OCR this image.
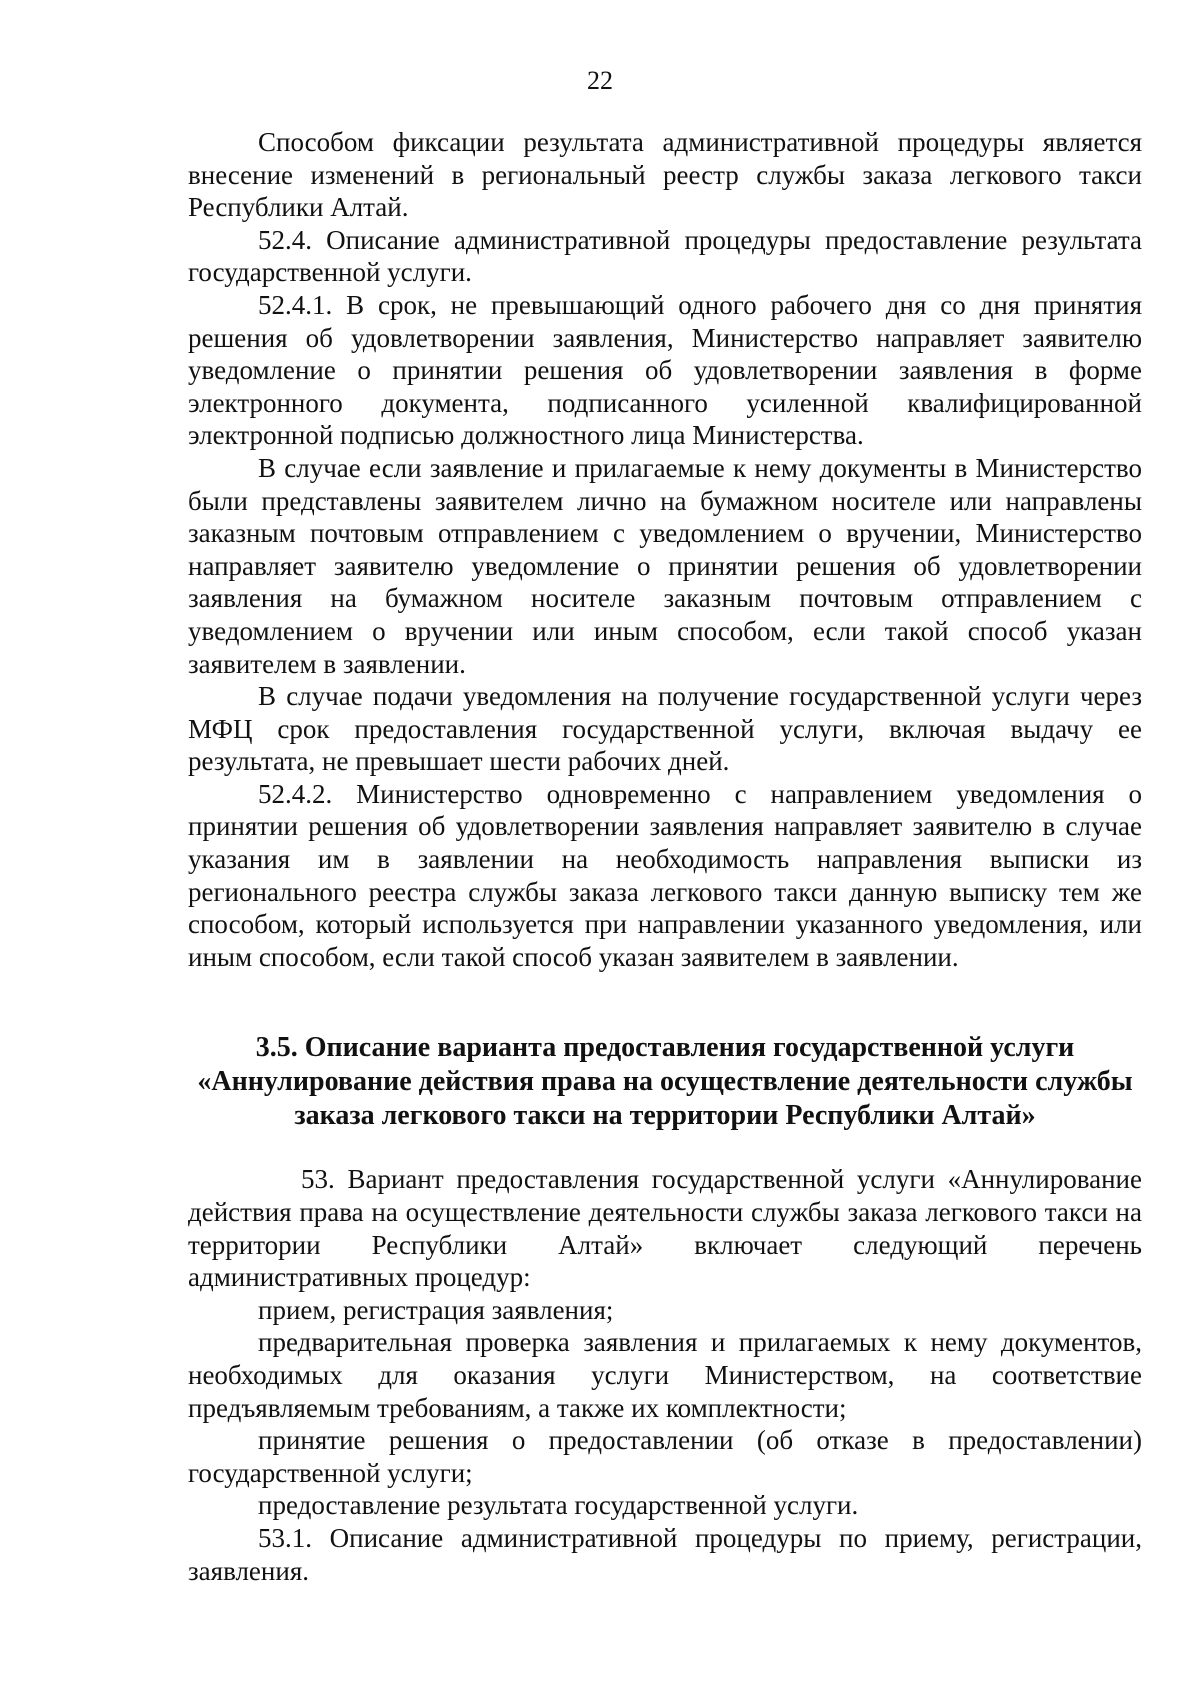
22

Способом фиксации результата административной процедуры является внесение изменений в региональный реестр службы заказа легкового такси Республики Алтай.

52.4. Описание административной процедуры предоставление результата государственной услуги.

52.4.1. В срок, не превышающий одного рабочего дня со дня принятия решения об удовлетворении заявления, Министерство направляет заявителю уведомление о принятии решения об удовлетворении заявления в форме электронного документа, подписанного усиленной квалифицированной электронной подписью должностного лица Министерства.

В случае если заявление и прилагаемые к нему документы в Министерство были представлены заявителем лично на бумажном носителе или направлены заказным почтовым отправлением с уведомлением о вручении, Министерство направляет заявителю уведомление о принятии решения об удовлетворении заявления на бумажном носителе заказным почтовым отправлением с уведомлением о вручении или иным способом, если такой способ указан заявителем в заявлении.

В случае подачи уведомления на получение государственной услуги через МФЦ срок предоставления государственной услуги, включая выдачу ее результата, не превышает шести рабочих дней.

52.4.2. Министерство одновременно с направлением уведомления о принятии решения об удовлетворении заявления направляет заявителю в случае указания им в заявлении на необходимость направления выписки из регионального реестра службы заказа легкового такси данную выписку тем же способом, который используется при направлении указанного уведомления, или иным способом, если такой способ указан заявителем в заявлении.

3.5. Описание варианта предоставления государственной услуги
«Аннулирование действия права на осуществление деятельности службы
заказа легкового такси на территории Республики Алтай»

53. Вариант предоставления государственной услуги «Аннулирование действия права на осуществление деятельности службы заказа легкового такси на территории Республики Алтай» включает следующий перечень административных процедур:

прием, регистрация заявления;

предварительная проверка заявления и прилагаемых к нему документов, необходимых для оказания услуги Министерством, на соответствие предъявляемым требованиям, а также их комплектности;

принятие решения о предоставлении (об отказе в предоставлении) государственной услуги;

предоставление результата государственной услуги.

53.1. Описание административной процедуры по приему, регистрации, заявления.
